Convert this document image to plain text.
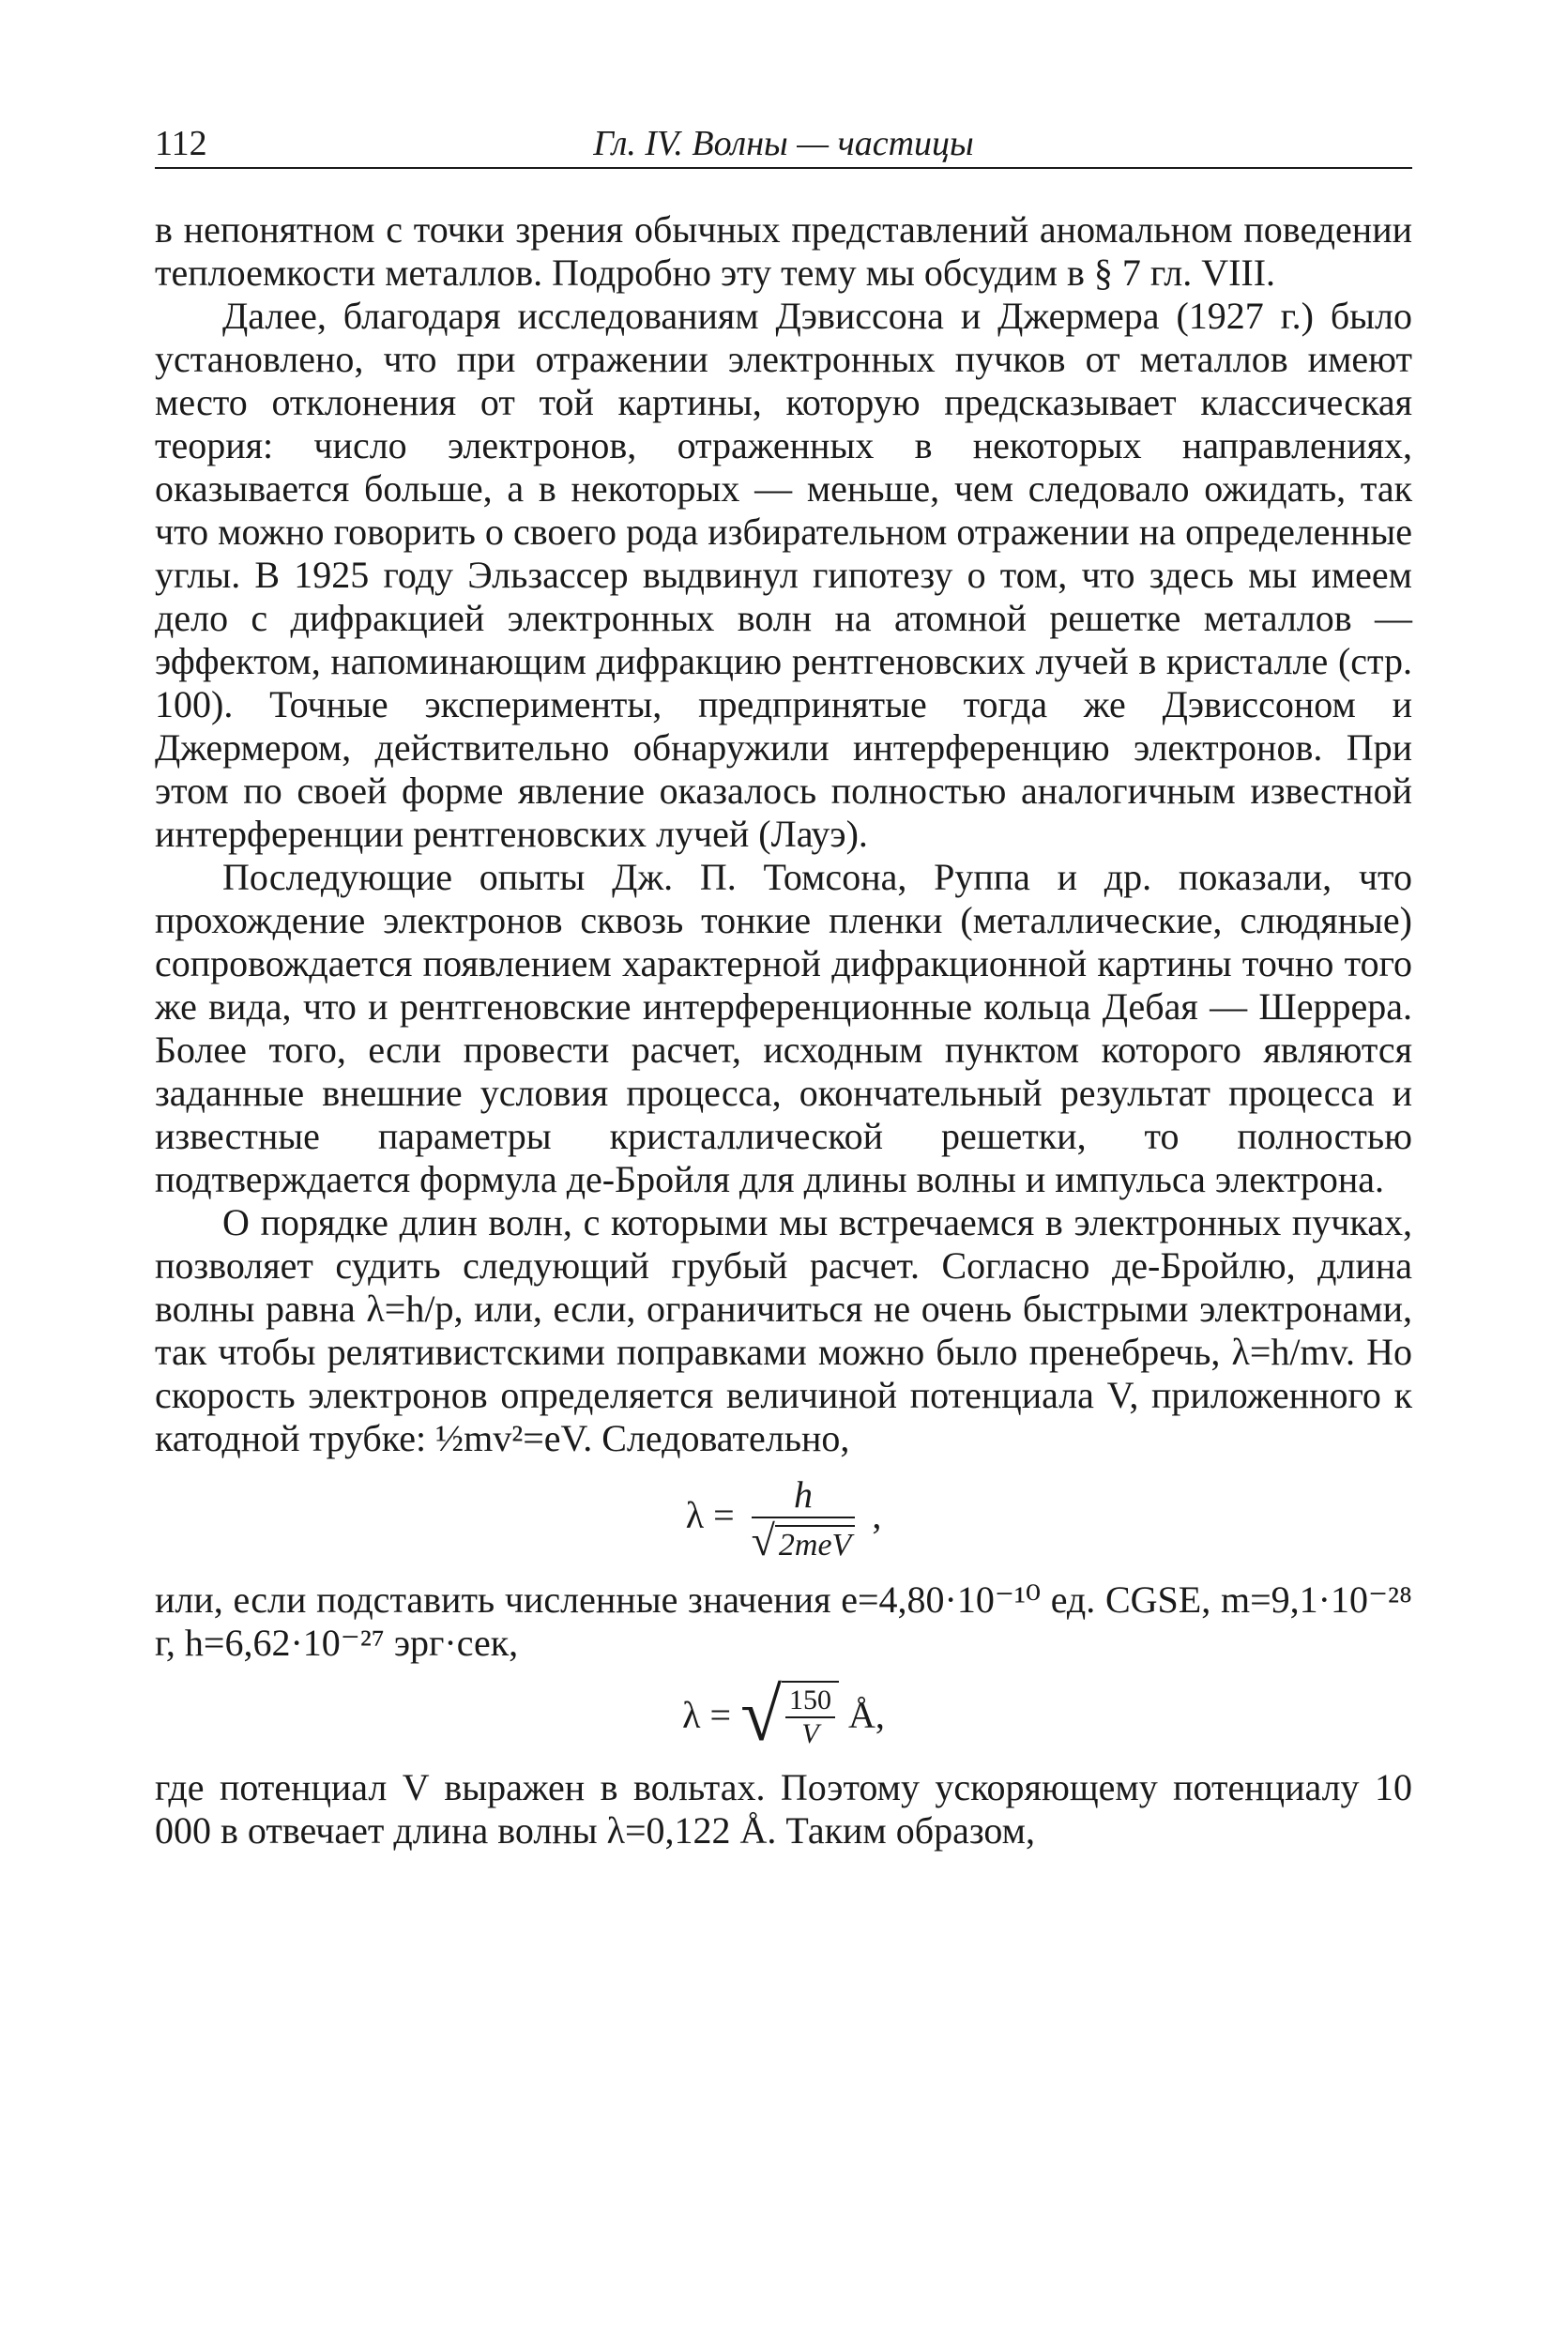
112	Гл. IV. Волны — частицы

в непонятном с точки зрения обычных представлений аномальном поведении теплоемкости металлов. Подробно эту тему мы обсудим в § 7 гл. VIII.

Далее, благодаря исследованиям Дэвиссона и Джермера (1927 г.) было установлено, что при отражении электронных пучков от металлов имеют место отклонения от той картины, которую предсказывает классическая теория: число электронов, отраженных в некоторых направлениях, оказывается больше, а в некоторых — меньше, чем следовало ожидать, так что можно говорить о своего рода избирательном отражении на определенные углы. В 1925 году Эльзассер выдвинул гипотезу о том, что здесь мы имеем дело с дифракцией электронных волн на атомной решетке металлов — эффектом, напоминающим дифракцию рентгеновских лучей в кристалле (стр. 100). Точные эксперименты, предпринятые тогда же Дэвиссоном и Джермером, действительно обнаружили интерференцию электронов. При этом по своей форме явление оказалось полностью аналогичным известной интерференции рентгеновских лучей (Лауэ).

Последующие опыты Дж. П. Томсона, Руппа и др. показали, что прохождение электронов сквозь тонкие пленки (металлические, слюдяные) сопровождается появлением характерной дифракционной картины точно того же вида, что и рентгеновские интерференционные кольца Дебая — Шеррера. Более того, если провести расчет, исходным пунктом которого являются заданные внешние условия процесса, окончательный результат процесса и известные параметры кристаллической решетки, то полностью подтверждается формула де-Бройля для длины волны и импульса электрона.

О порядке длин волн, с которыми мы встречаемся в электронных пучках, позволяет судить следующий грубый расчет. Согласно де-Бройлю, длина волны равна λ=h/p, или, если, ограничиться не очень быстрыми электронами, так чтобы релятивистскими поправками можно было пренебречь, λ=h/mv. Но скорость электронов определяется величиной потенциала V, приложенного к катодной трубке: ½mv²=eV. Следовательно,

$\lambda = \frac{h}{\text{√ 2meV}}$ ,

или, если подставить численные значения e=4,80·10⁻¹⁰ ед. CGSE, m=9,1·10⁻²⁸ г, h=6,62·10⁻²⁷ эрг·сек,

λ = √ $\frac{150}{V}$ Å,

где потенциал V выражен в вольтах. Поэтому ускоряющему потенциалу 10 000 в отвечает длина волны λ=0,122 Å. Таким образом,
